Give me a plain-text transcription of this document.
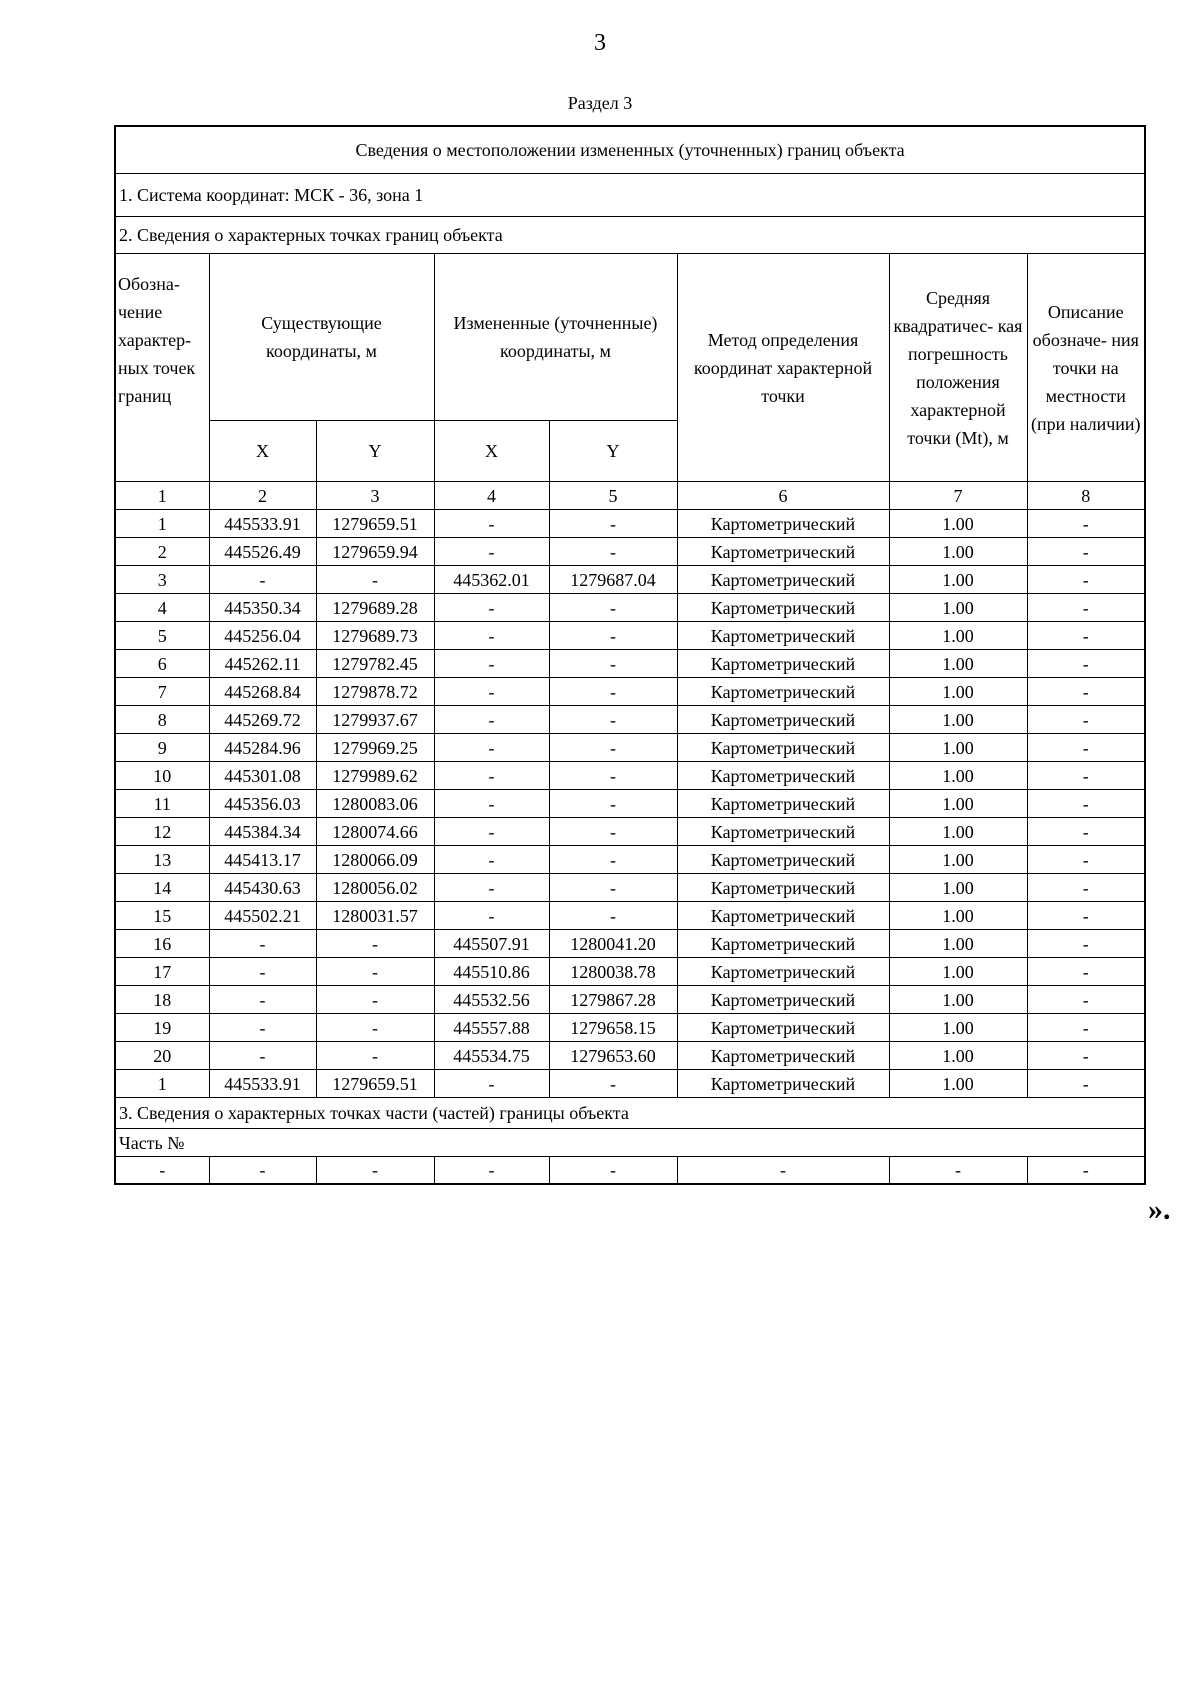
3
Раздел 3
Сведения о местоположении измененных (уточненных) границ объекта							
1. Система координат: МСК - 36, зона 1							
2. Сведения о характерных точках границ объекта							
Обозна- чение характер- ных точек границ	Существующие координаты, м		Измененные (уточненные) координаты, м		Метод определения координат характерной точки	Средняя квадратичес- кая погрешность положения характерной точки (Mt), м	Описание обозначе- ния точки на местности (при наличии)
	X	Y	X	Y			
1	2	3	4	5	6	7	8
1	445533.91	1279659.51	-	-	Картометрический	1.00	-
2	445526.49	1279659.94	-	-	Картометрический	1.00	-
3	-	-	445362.01	1279687.04	Картометрический	1.00	-
4	445350.34	1279689.28	-	-	Картометрический	1.00	-
5	445256.04	1279689.73	-	-	Картометрический	1.00	-
6	445262.11	1279782.45	-	-	Картометрический	1.00	-
7	445268.84	1279878.72	-	-	Картометрический	1.00	-
8	445269.72	1279937.67	-	-	Картометрический	1.00	-
9	445284.96	1279969.25	-	-	Картометрический	1.00	-
10	445301.08	1279989.62	-	-	Картометрический	1.00	-
11	445356.03	1280083.06	-	-	Картометрический	1.00	-
12	445384.34	1280074.66	-	-	Картометрический	1.00	-
13	445413.17	1280066.09	-	-	Картометрический	1.00	-
14	445430.63	1280056.02	-	-	Картометрический	1.00	-
15	445502.21	1280031.57	-	-	Картометрический	1.00	-
16	-	-	445507.91	1280041.20	Картометрический	1.00	-
17	-	-	445510.86	1280038.78	Картометрический	1.00	-
18	-	-	445532.56	1279867.28	Картометрический	1.00	-
19	-	-	445557.88	1279658.15	Картометрический	1.00	-
20	-	-	445534.75	1279653.60	Картометрический	1.00	-
1	445533.91	1279659.51	-	-	Картометрический	1.00	-
3. Сведения о характерных точках части (частей) границы объекта							
Часть №							
-	-	-	-	-	-	-	-
».
